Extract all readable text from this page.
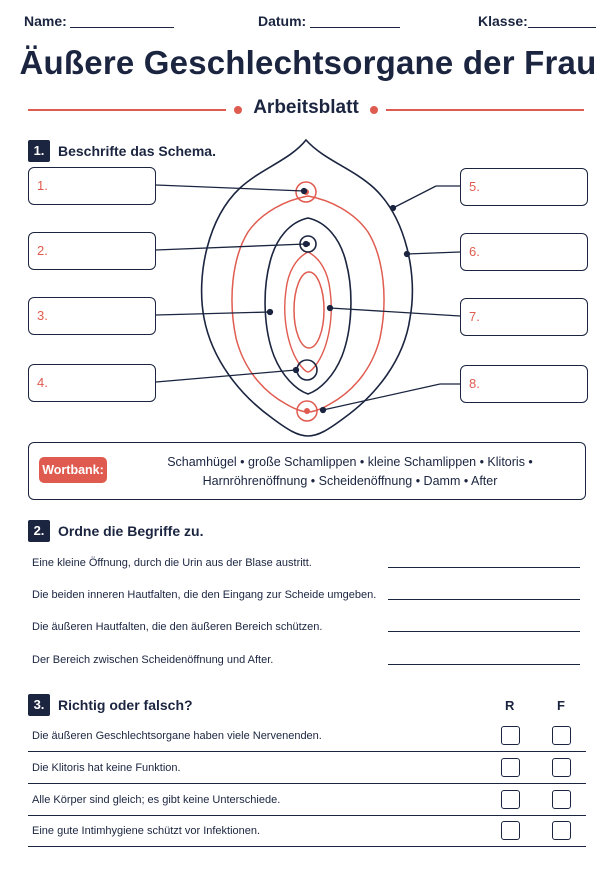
Name:	Datum:	Klasse:
Äußere Geschlechtsorgane der Frau
Arbeitsblatt
1. Beschrifte das Schema.
1.
2.
3.
4.
5.
6.
7.
8.
Wortbank:
Schamhügel • große Schamlippen • kleine Schamlippen • Klitoris •
Harnröhrenöffnung • Scheidenöffnung • Damm • After
2. Ordne die Begriffe zu.
Eine kleine Öffnung, durch die Urin aus der Blase austritt.
Die beiden inneren Hautfalten, die den Eingang zur Scheide umgeben.
Die äußeren Hautfalten, die den äußeren Bereich schützen.
Der Bereich zwischen Scheidenöffnung und After.
3. Richtig oder falsch?	R	F
Die äußeren Geschlechtsorgane haben viele Nervenenden.
Die Klitoris hat keine Funktion.
Alle Körper sind gleich; es gibt keine Unterschiede.
Eine gute Intimhygiene schützt vor Infektionen.
